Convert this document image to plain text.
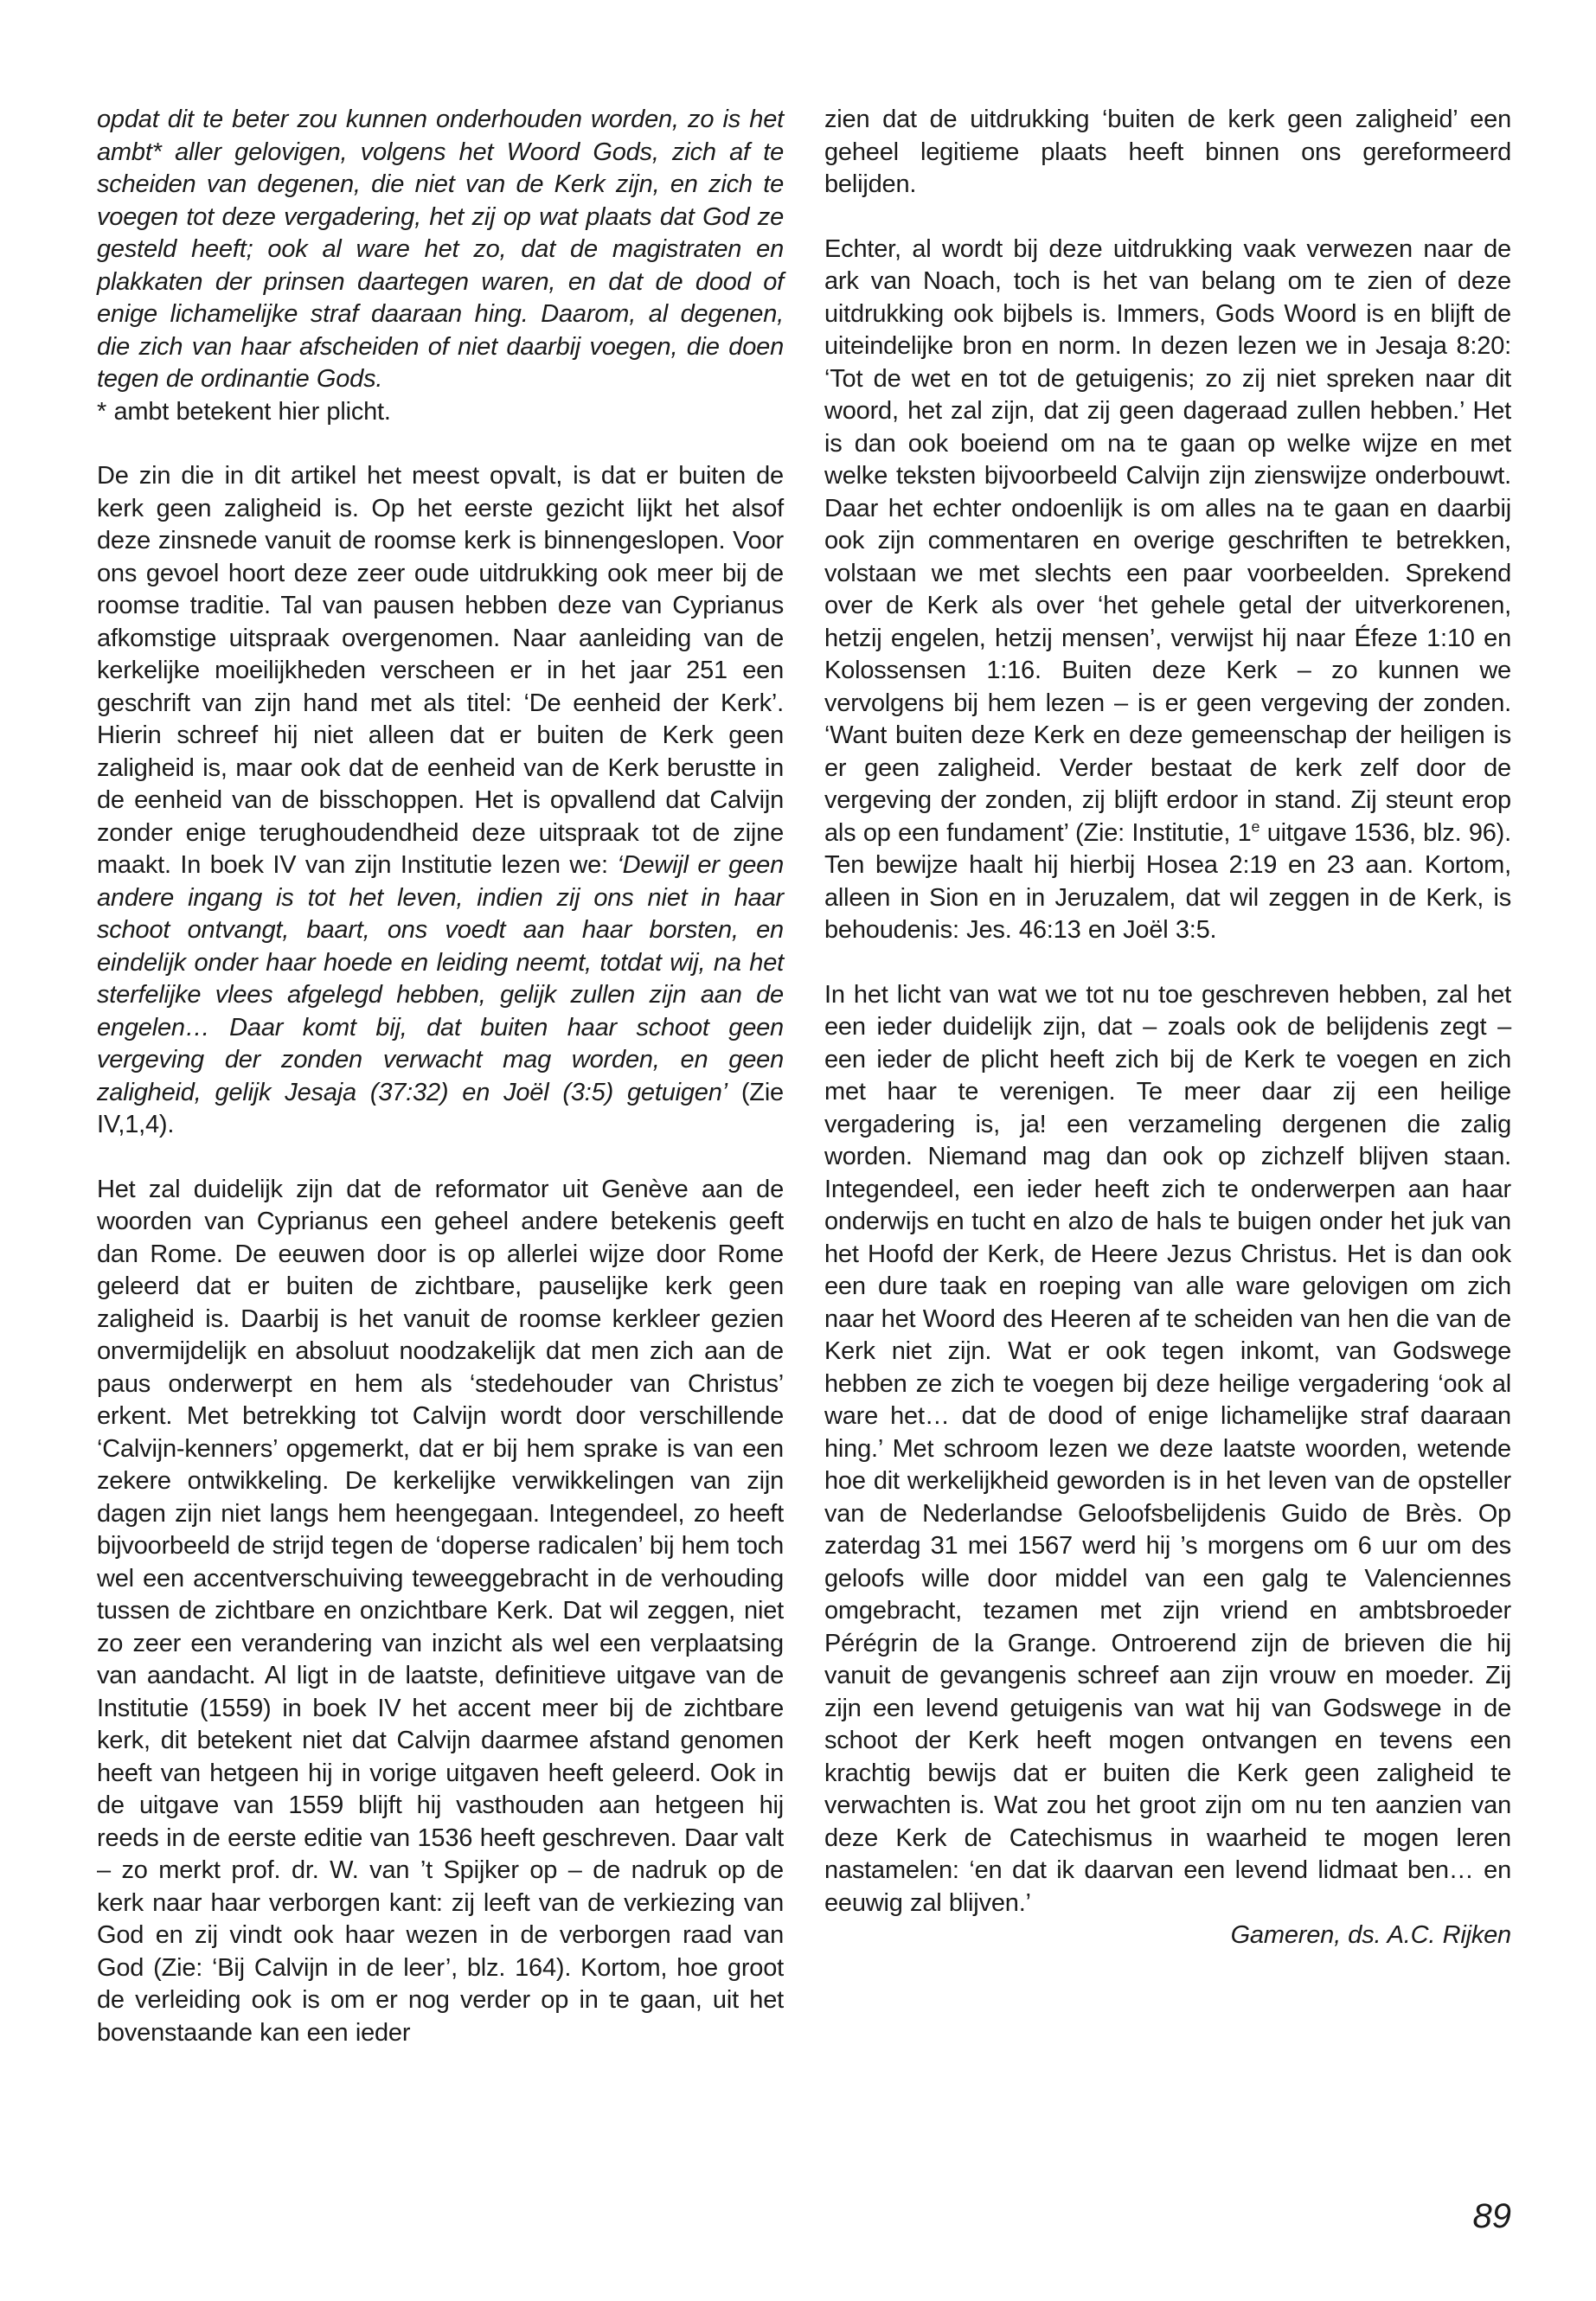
opdat dit te beter zou kunnen onderhouden worden, zo is het ambt* aller gelovigen, volgens het Woord Gods, zich af te scheiden van degenen, die niet van de Kerk zijn, en zich te voegen tot deze vergadering, het zij op wat plaats dat God ze gesteld heeft; ook al ware het zo, dat de magistraten en plakkaten der prinsen daartegen waren, en dat de dood of enige lichamelijke straf daaraan hing. Daarom, al degenen, die zich van haar afscheiden of niet daarbij voegen, die doen tegen de ordinantie Gods.

* ambt betekent hier plicht.

De zin die in dit artikel het meest opvalt, is dat er buiten de kerk geen zaligheid is. Op het eerste gezicht lijkt het alsof deze zinsnede vanuit de roomse kerk is binnengeslopen. Voor ons gevoel hoort deze zeer oude uitdrukking ook meer bij de roomse traditie. Tal van pausen hebben deze van Cyprianus afkomstige uitspraak overgenomen. Naar aanleiding van de kerkelijke moeilijkheden verscheen er in het jaar 251 een geschrift van zijn hand met als titel: ‘De eenheid der Kerk’. Hierin schreef hij niet alleen dat er buiten de Kerk geen zaligheid is, maar ook dat de eenheid van de Kerk berustte in de eenheid van de bisschoppen. Het is opvallend dat Calvijn zonder enige terughoudendheid deze uitspraak tot de zijne maakt. In boek IV van zijn Institutie lezen we: ‘Dewijl er geen andere ingang is tot het leven, indien zij ons niet in haar schoot ontvangt, baart, ons voedt aan haar borsten, en eindelijk onder haar hoede en leiding neemt, totdat wij, na het sterfelijke vlees afgelegd hebben, gelijk zullen zijn aan de engelen… Daar komt bij, dat buiten haar schoot geen vergeving der zonden verwacht mag worden, en geen zaligheid, gelijk Jesaja (37:32) en Joël (3:5) getuigen’ (Zie IV,1,4).

Het zal duidelijk zijn dat de reformator uit Genève aan de woorden van Cyprianus een geheel andere betekenis geeft dan Rome. De eeuwen door is op allerlei wijze door Rome geleerd dat er buiten de zichtbare, pauselijke kerk geen zaligheid is. Daarbij is het vanuit de roomse kerkleer gezien onvermijdelijk en absoluut noodzakelijk dat men zich aan de paus onderwerpt en hem als ‘stedehouder van Christus’ erkent. Met betrekking tot Calvijn wordt door verschillende ‘Calvijn-kenners’ opgemerkt, dat er bij hem sprake is van een zekere ontwikkeling. De kerkelijke verwikkelingen van zijn dagen zijn niet langs hem heengegaan. Integendeel, zo heeft bijvoorbeeld de strijd tegen de ‘doperse radicalen’ bij hem toch wel een accentverschuiving teweeggebracht in de verhouding tussen de zichtbare en onzichtbare Kerk. Dat wil zeggen, niet zo zeer een verandering van inzicht als wel een verplaatsing van aandacht. Al ligt in de laatste, definitieve uitgave van de Institutie (1559) in boek IV het accent meer bij de zichtbare kerk, dit betekent niet dat Calvijn daarmee afstand genomen heeft van hetgeen hij in vorige uitgaven heeft geleerd. Ook in de uitgave van 1559 blijft hij vasthouden aan hetgeen hij reeds in de eerste editie van 1536 heeft geschreven. Daar valt – zo merkt prof. dr. W. van ’t Spijker op – de nadruk op de kerk naar haar verborgen kant: zij leeft van de verkiezing van God en zij vindt ook haar wezen in de verborgen raad van God (Zie: ‘Bij Calvijn in de leer’, blz. 164). Kortom, hoe groot de verleiding ook is om er nog verder op in te gaan, uit het bovenstaande kan een ieder

zien dat de uitdrukking ‘buiten de kerk geen zaligheid’ een geheel legitieme plaats heeft binnen ons gereformeerd belijden.

Echter, al wordt bij deze uitdrukking vaak verwezen naar de ark van Noach, toch is het van belang om te zien of deze uitdrukking ook bijbels is. Immers, Gods Woord is en blijft de uiteindelijke bron en norm. In dezen lezen we in Jesaja 8:20: ‘Tot de wet en tot de getuigenis; zo zij niet spreken naar dit woord, het zal zijn, dat zij geen dageraad zullen hebben.’ Het is dan ook boeiend om na te gaan op welke wijze en met welke teksten bijvoorbeeld Calvijn zijn zienswijze onderbouwt. Daar het echter ondoenlijk is om alles na te gaan en daarbij ook zijn commentaren en overige geschriften te betrekken, volstaan we met slechts een paar voorbeelden. Sprekend over de Kerk als over ‘het gehele getal der uitverkorenen, hetzij engelen, hetzij mensen’, verwijst hij naar Éfeze 1:10 en Kolossensen 1:16. Buiten deze Kerk – zo kunnen we vervolgens bij hem lezen – is er geen vergeving der zonden. ‘Want buiten deze Kerk en deze gemeenschap der heiligen is er geen zaligheid. Verder bestaat de kerk zelf door de vergeving der zonden, zij blijft erdoor in stand. Zij steunt erop als op een fundament’ (Zie: Institutie, 1e uitgave 1536, blz. 96). Ten bewijze haalt hij hierbij Hosea 2:19 en 23 aan. Kortom, alleen in Sion en in Jeruzalem, dat wil zeggen in de Kerk, is behoudenis: Jes. 46:13 en Joël 3:5.

In het licht van wat we tot nu toe geschreven hebben, zal het een ieder duidelijk zijn, dat – zoals ook de belijdenis zegt – een ieder de plicht heeft zich bij de Kerk te voegen en zich met haar te verenigen. Te meer daar zij een heilige vergadering is, ja! een verzameling dergenen die zalig worden. Niemand mag dan ook op zichzelf blijven staan. Integendeel, een ieder heeft zich te onderwerpen aan haar onderwijs en tucht en alzo de hals te buigen onder het juk van het Hoofd der Kerk, de Heere Jezus Christus. Het is dan ook een dure taak en roeping van alle ware gelovigen om zich naar het Woord des Heeren af te scheiden van hen die van de Kerk niet zijn. Wat er ook tegen inkomt, van Godswege hebben ze zich te voegen bij deze heilige vergadering ‘ook al ware het… dat de dood of enige lichamelijke straf daaraan hing.’ Met schroom lezen we deze laatste woorden, wetende hoe dit werkelijkheid geworden is in het leven van de opsteller van de Nederlandse Geloofsbelijdenis Guido de Brès. Op zaterdag 31 mei 1567 werd hij ’s morgens om 6 uur om des geloofs wille door middel van een galg te Valenciennes omgebracht, tezamen met zijn vriend en ambtsbroeder Pérégrin de la Grange. Ontroerend zijn de brieven die hij vanuit de gevangenis schreef aan zijn vrouw en moeder. Zij zijn een levend getuigenis van wat hij van Godswege in de schoot der Kerk heeft mogen ontvangen en tevens een krachtig bewijs dat er buiten die Kerk geen zaligheid te verwachten is. Wat zou het groot zijn om nu ten aanzien van deze Kerk de Catechismus in waarheid te mogen leren nastamelen: ‘en dat ik daarvan een levend lidmaat ben… en eeuwig zal blijven.’

Gameren, ds. A.C. Rijken

89
